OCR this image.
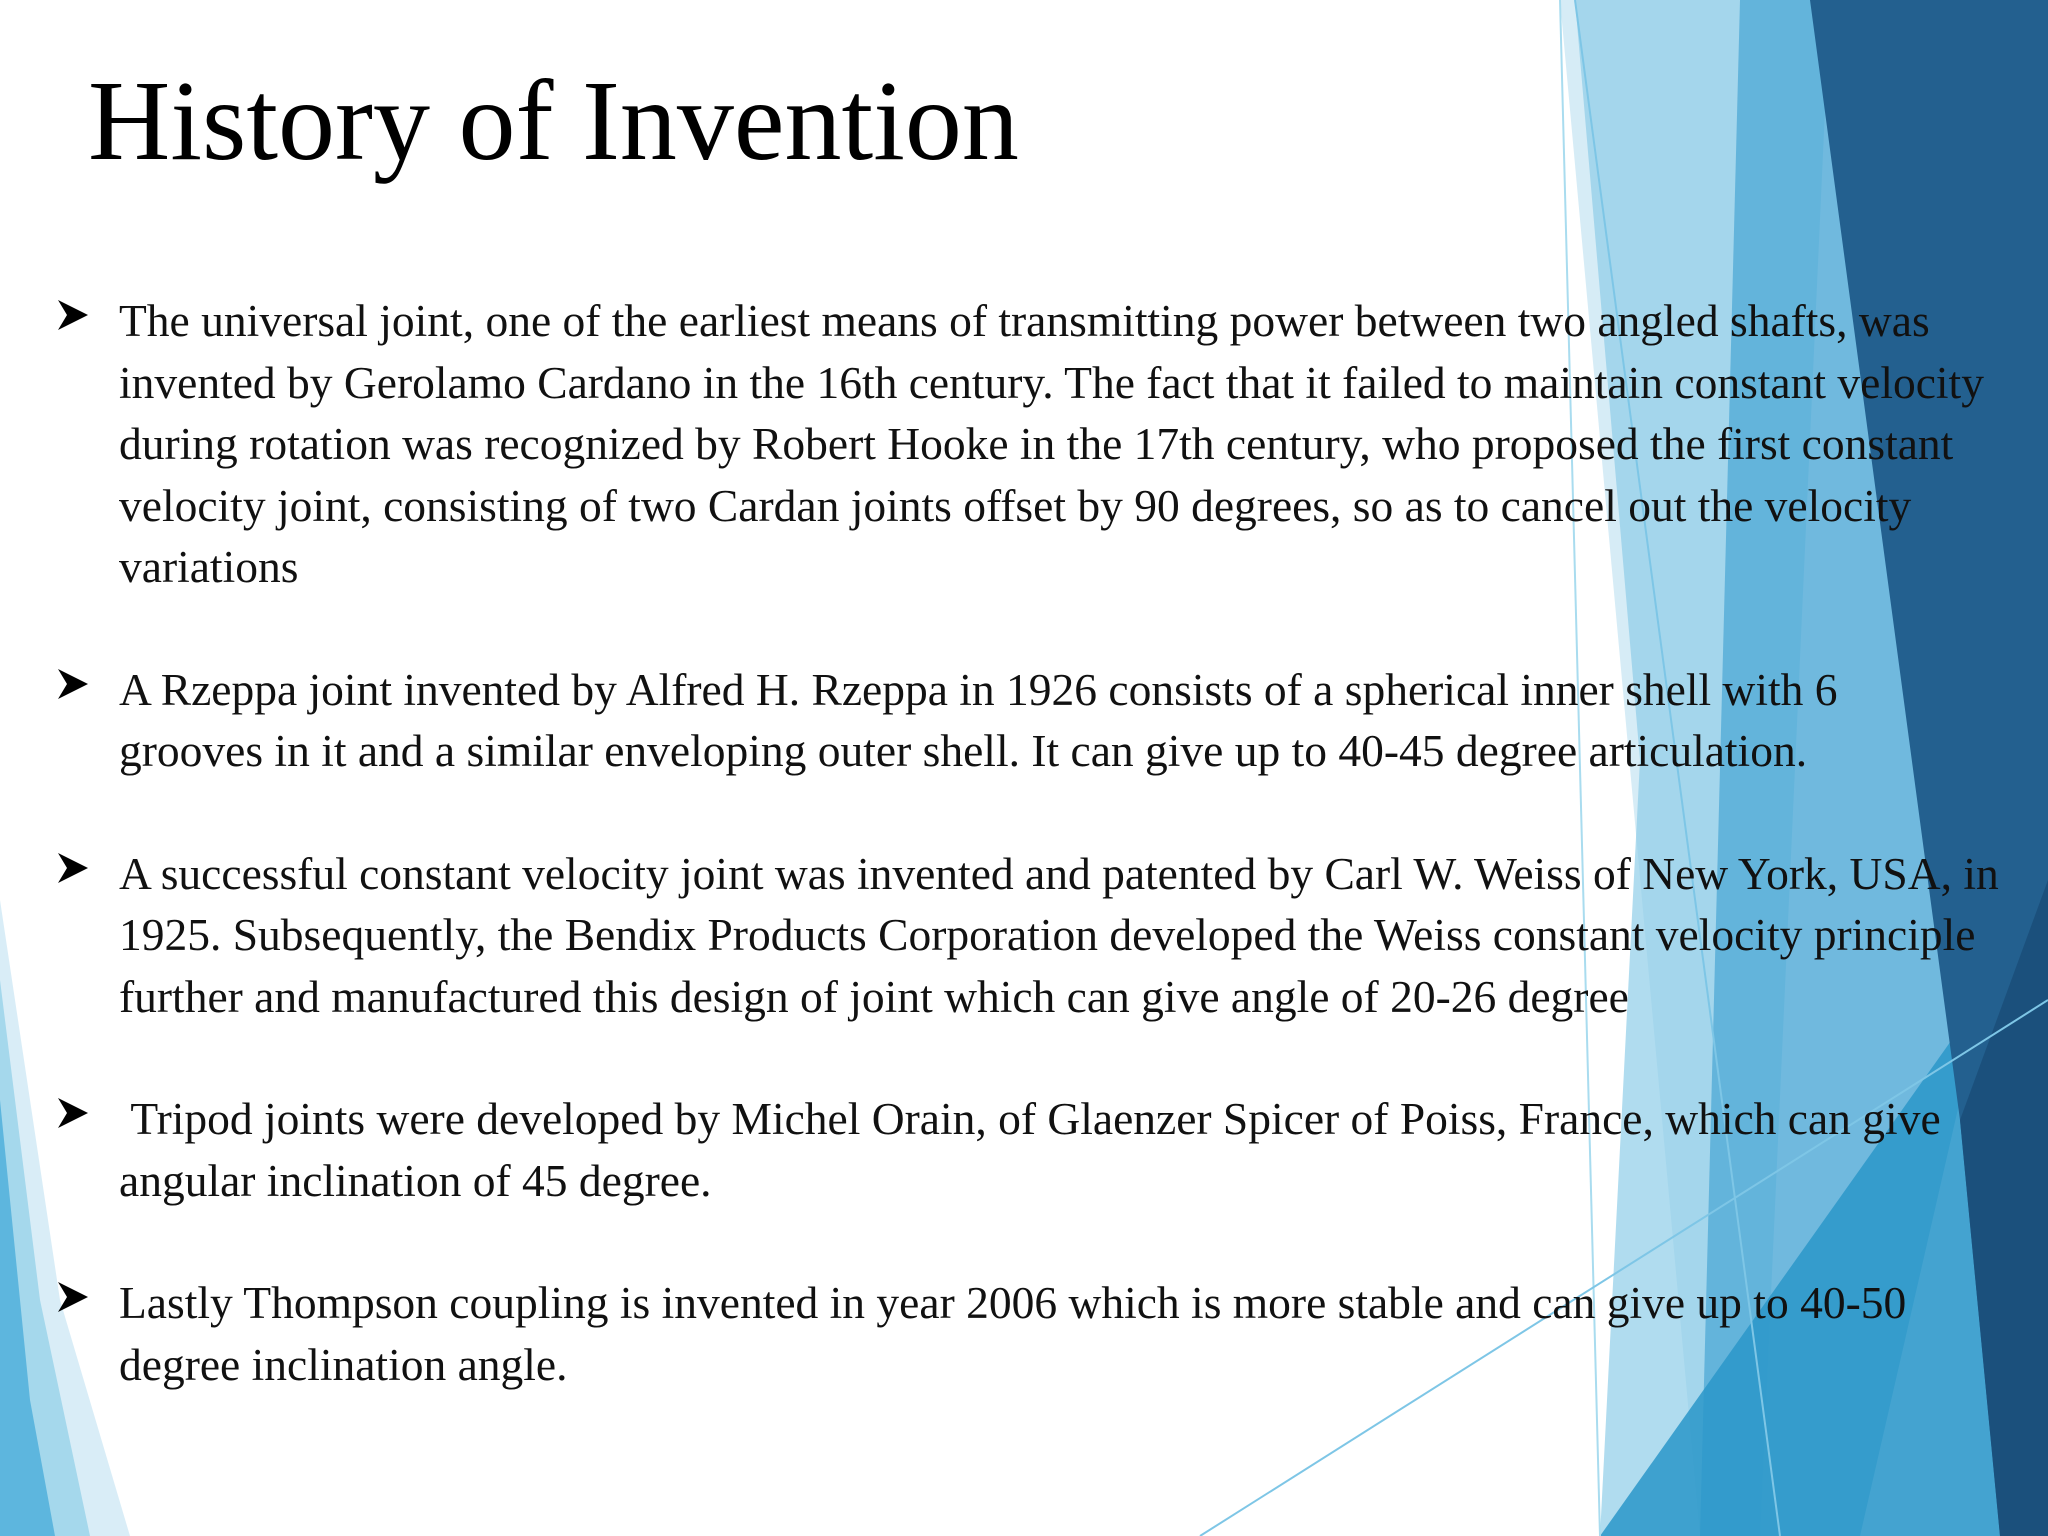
History of Invention
The universal joint, one of the earliest means of transmitting power between two angled shafts, was invented by Gerolamo Cardano in the 16th century. The fact that it failed to maintain constant velocity during rotation was recognized by Robert Hooke in the 17th century, who proposed the first constant velocity joint, consisting of two Cardan joints offset by 90 degrees, so as to cancel out the velocity variations
A Rzeppa joint invented by Alfred H. Rzeppa in 1926 consists of a spherical inner shell with 6 grooves in it and a similar enveloping outer shell. It can give up to 40-45 degree articulation.
A successful constant velocity joint was invented and patented by Carl W. Weiss of New York, USA, in 1925. Subsequently, the Bendix Products Corporation developed the Weiss constant velocity principle further and manufactured this design of joint which can give angle of 20-26 degree
Tripod joints were developed by Michel Orain, of Glaenzer Spicer of Poiss, France, which can give angular inclination of 45 degree.
Lastly Thompson coupling is invented in year 2006 which is more stable and can give up to 40-50 degree inclination angle.
